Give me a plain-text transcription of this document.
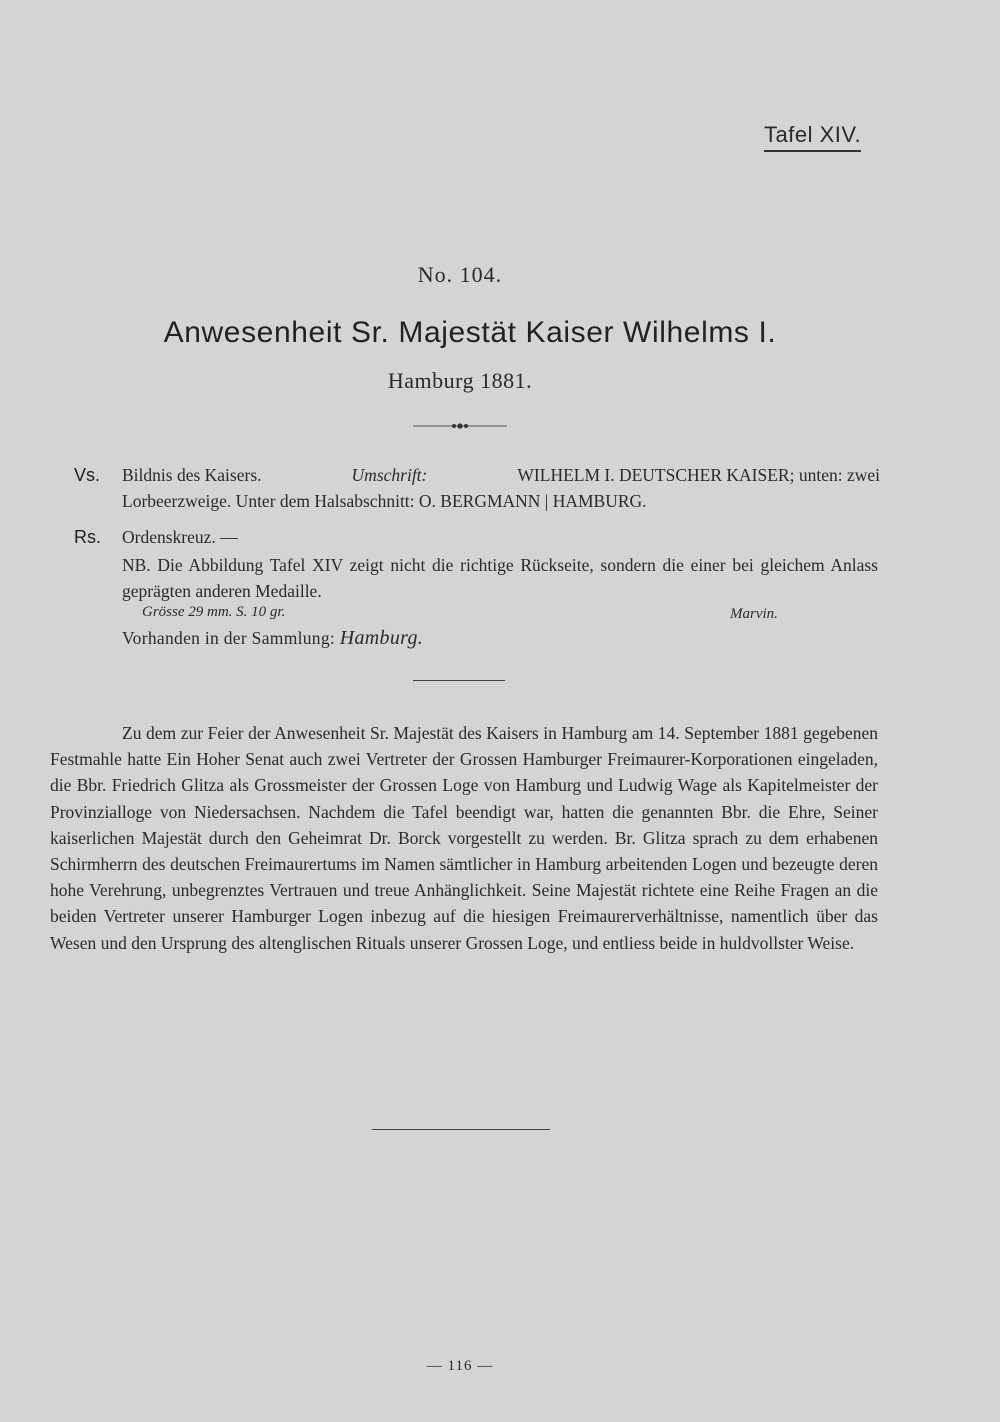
Tafel XIV.
No. 104.
Anwesenheit Sr. Majestät Kaiser Wilhelms I.
Hamburg 1881.
Vs. Bildnis des Kaisers.	Umschrift:	WILHELM I. DEUTSCHER KAISER; unten: zwei
Lorbeerzweige. Unter dem Halsabschnitt: O. BERGMANN | HAMBURG.
Rs. Ordenskreuz. —
NB. Die Abbildung Tafel XIV zeigt nicht die richtige Rückseite, sondern die einer bei gleichem Anlass geprägten anderen Medaille.
Grösse 29 mm. S. 10 gr.	Marvin.
Vorhanden in der Sammlung: Hamburg.

Zu dem zur Feier der Anwesenheit Sr. Majestät des Kaisers in Hamburg am 14. September 1881 gegebenen Festmahle hatte Ein Hoher Senat auch zwei Vertreter der Grossen Hamburger Freimaurer-Korporationen eingeladen, die Bbr. Friedrich Glitza als Grossmeister der Grossen Loge von Hamburg und Ludwig Wage als Kapitelmeister der Provinzialloge von Niedersachsen. Nachdem die Tafel beendigt war, hatten die genannten Bbr. die Ehre, Seiner kaiserlichen Majestät durch den Geheimrat Dr. Borck vorgestellt zu werden. Br. Glitza sprach zu dem erhabenen Schirmherrn des deutschen Freimaurertums im Namen sämtlicher in Hamburg arbeitenden Logen und bezeugte deren hohe Verehrung, unbegrenztes Vertrauen und treue Anhänglichkeit. Seine Majestät richtete eine Reihe Fragen an die beiden Vertreter unserer Hamburger Logen inbezug auf die hiesigen Freimaurerverhältnisse, namentlich über das Wesen und den Ursprung des altenglischen Rituals unserer Grossen Loge, und entliess beide in huldvollster Weise.

— 116 —
